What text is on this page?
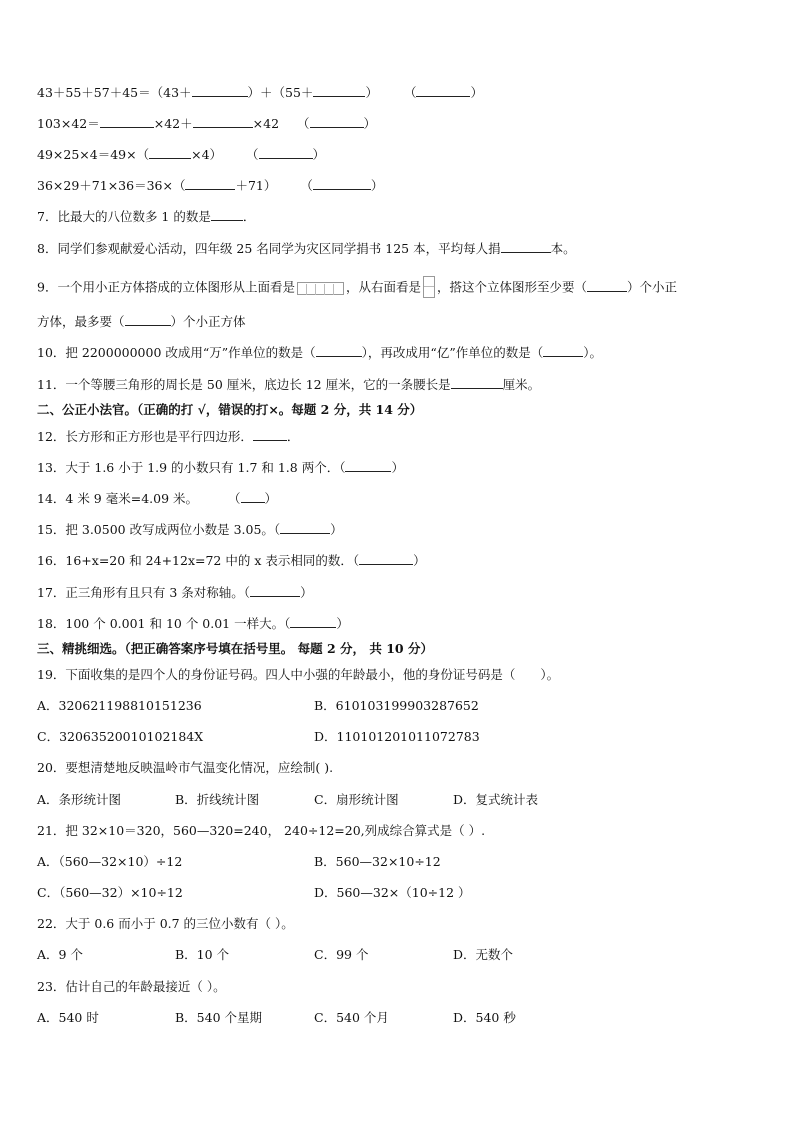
43＋55＋57＋45＝（43＋	）＋（55＋	） （	）
103×42＝	×42＋	×42 （	）
49×25×4＝49×（	×4） （	）
36×29＋71×36＝36×（	＋71） （	）
7．比最大的八位数多 1 的数是	．
8．同学们参观献爱心活动，四年级 25 名同学为灾区同学捐书 125 本，平均每人捐	本。
9．一个用小正方体搭成的立体图形从上面看是	，从右面看是 ，搭这个立体图形至少要（	）个小正
方体，最多要（	）个小正方体
10．把 2200000000 改成用“万”作单位的数是（	），再改成用“亿”作单位的数是（	）。
11．一个等腰三角形的周长是 50 厘米，底边长 12 厘米，它的一条腰长是	厘米。
二、公正小法官。（正确的打 √，错误的打×。每题 2 分，共 14 分）
12．长方形和正方形也是平行四边形．	．
13．大于 1.6 小于 1.9 的小数只有 1.7 和 1.8 两个．（	）
14．4 米 9 毫米=4.09 米。 （ ）
15．把 3.0500 改写成两位小数是 3.05。（	）
16．16+x=20 和 24+12x=72 中的 x 表示相同的数．（	）
17．正三角形有且只有 3 条对称轴。（	）
18．100 个 0.001 和 10 个 0.01 一样大。（	）
三、精挑细选。（把正确答案序号填在括号里。 每题 2 分， 共 10 分）
19．下面收集的是四个人的身份证号码。四人中小强的年龄最小，他的身份证号码是（　　）。
A．320621198810151236	B．610103199903287652
C．32063520010102184X	D．110101201011072783
20．要想清楚地反映温岭市气温变化情况，应绘制( ).
A．条形统计图	B．折线统计图	C．扇形统计图	D．复式统计表
21．把 32×10＝320，560—320=240， 240÷12=20,列成综合算式是（ ）.
A．（560—32×10）÷12	B．560—32×10÷12
C．（560—32）×10÷12	D．560—32×（10÷12 ）
22．大于 0.6 而小于 0.7 的三位小数有（ ）。
A．9 个	B．10 个	C．99 个	D．无数个
23．估计自己的年龄最接近（ ）。
A．540 时	B．540 个星期	C．540 个月	D．540 秒
